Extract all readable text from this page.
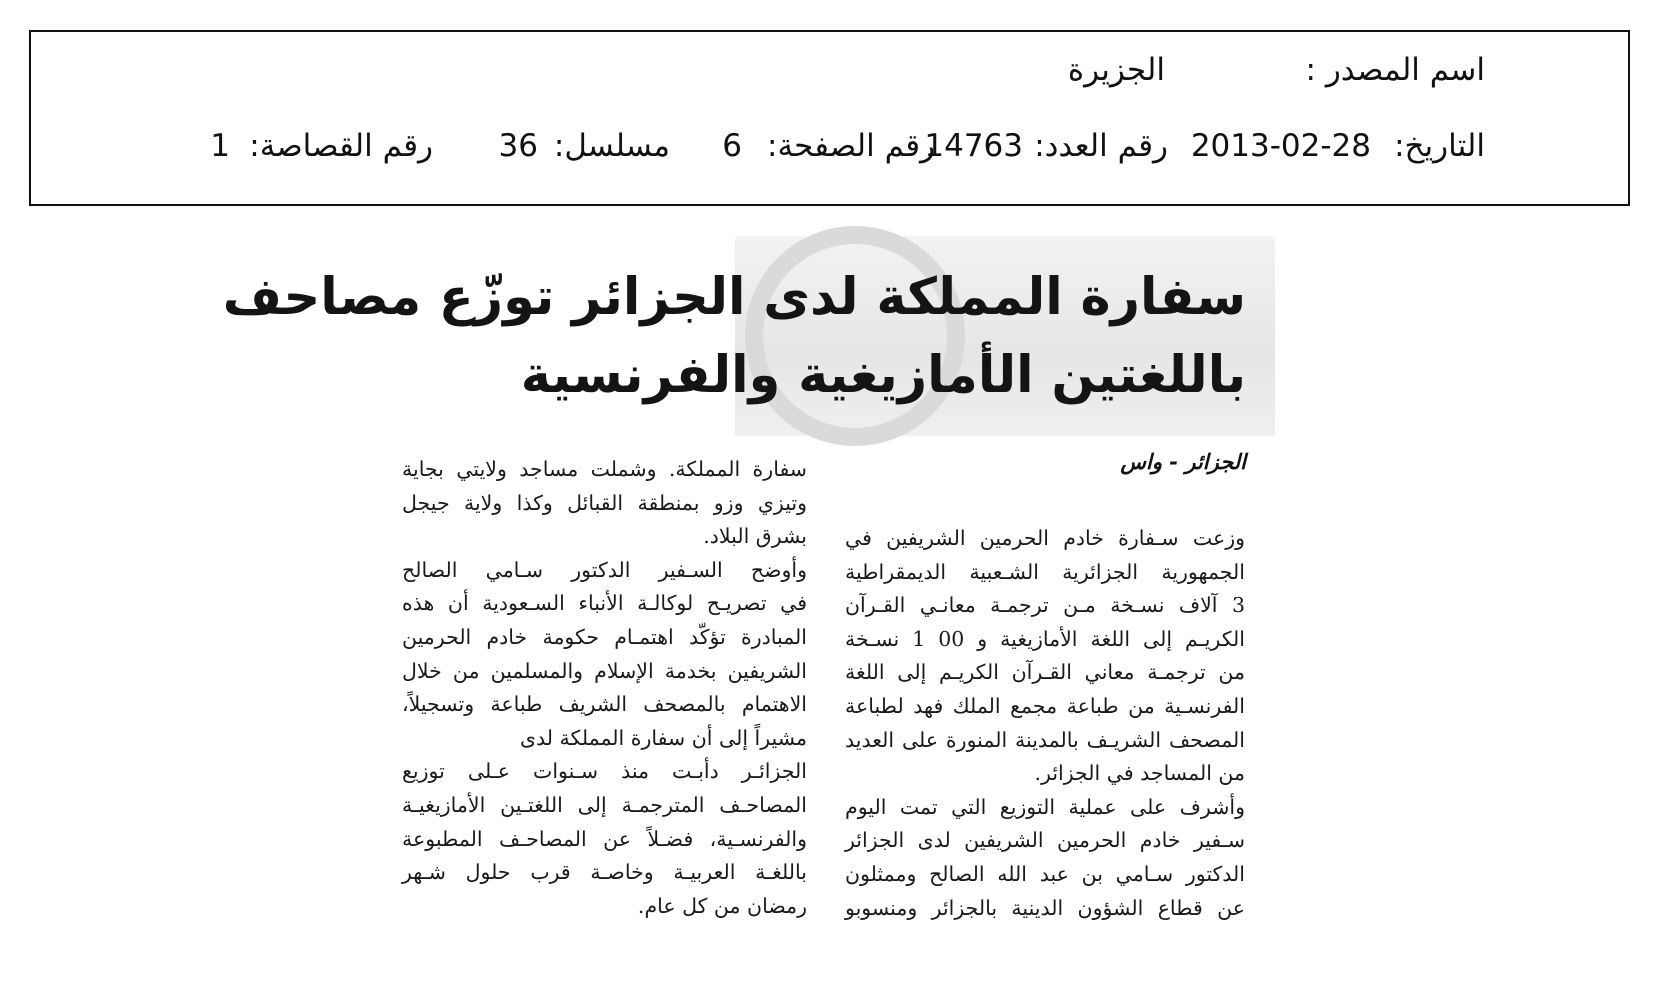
اسم المصدر :
الجزيرة
التاريخ:
2013-02-28
رقم العدد:
14763
رقم الصفحة:
6
مسلسل:
36
رقم القصاصة:
1
سفارة المملكة لدى الجزائر توزّع مصاحف
باللغتين الأمازيغية والفرنسية
الجزائر - واس
وزعت سـفارة خادم الحرمين الشريفين في
الجمهورية الجزائرية الشـعبية الديمقراطية
3 آلاف نسـخة مـن ترجمـة معانـي القـرآن
الكريـم إلى اللغة الأمازيغية و 00 1 نسـخة
من ترجمـة معاني القـرآن الكريـم إلى اللغة
الفرنسـية من طباعة مجمع الملك فهد لطباعة
المصحف الشريـف بالمدينة المنورة على العديد
من المساجد في الجزائر.
وأشرف على عملية التوزيع التي تمت اليوم
سـفير خادم الحرمين الشريفين لدى الجزائر
الدكتور سـامي بن عبد الله الصالح وممثلون
عن قطاع الشؤون الدينية بالجزائر ومنسوبو
سفارة المملكة. وشملت مساجد ولايتي بجاية
وتيزي وزو بمنطقة القبائل وكذا ولاية جيجل
بشرق البلاد.
وأوضح السـفير الدكتور سـامي الصالح
في تصريـح لوكالـة الأنباء السـعودية أن هذه
المبادرة تؤكّد اهتمـام حكومة خادم الحرمين
الشريفين بخدمة الإسلام والمسلمين من خلال
الاهتمام بالمصحف الشريف طباعة وتسجيلاً،
مشيراً إلى أن سفارة المملكة لدى
الجزائـر دأبـت منذ سـنوات عـلى توزيع
المصاحـف المترجمـة إلى اللغتـين الأمازيغيـة
والفرنسـية، فضـلاً عن المصاحـف المطبوعة
باللغـة العربيـة وخاصـة قرب حلول شـهر
رمضان من كل عام.
